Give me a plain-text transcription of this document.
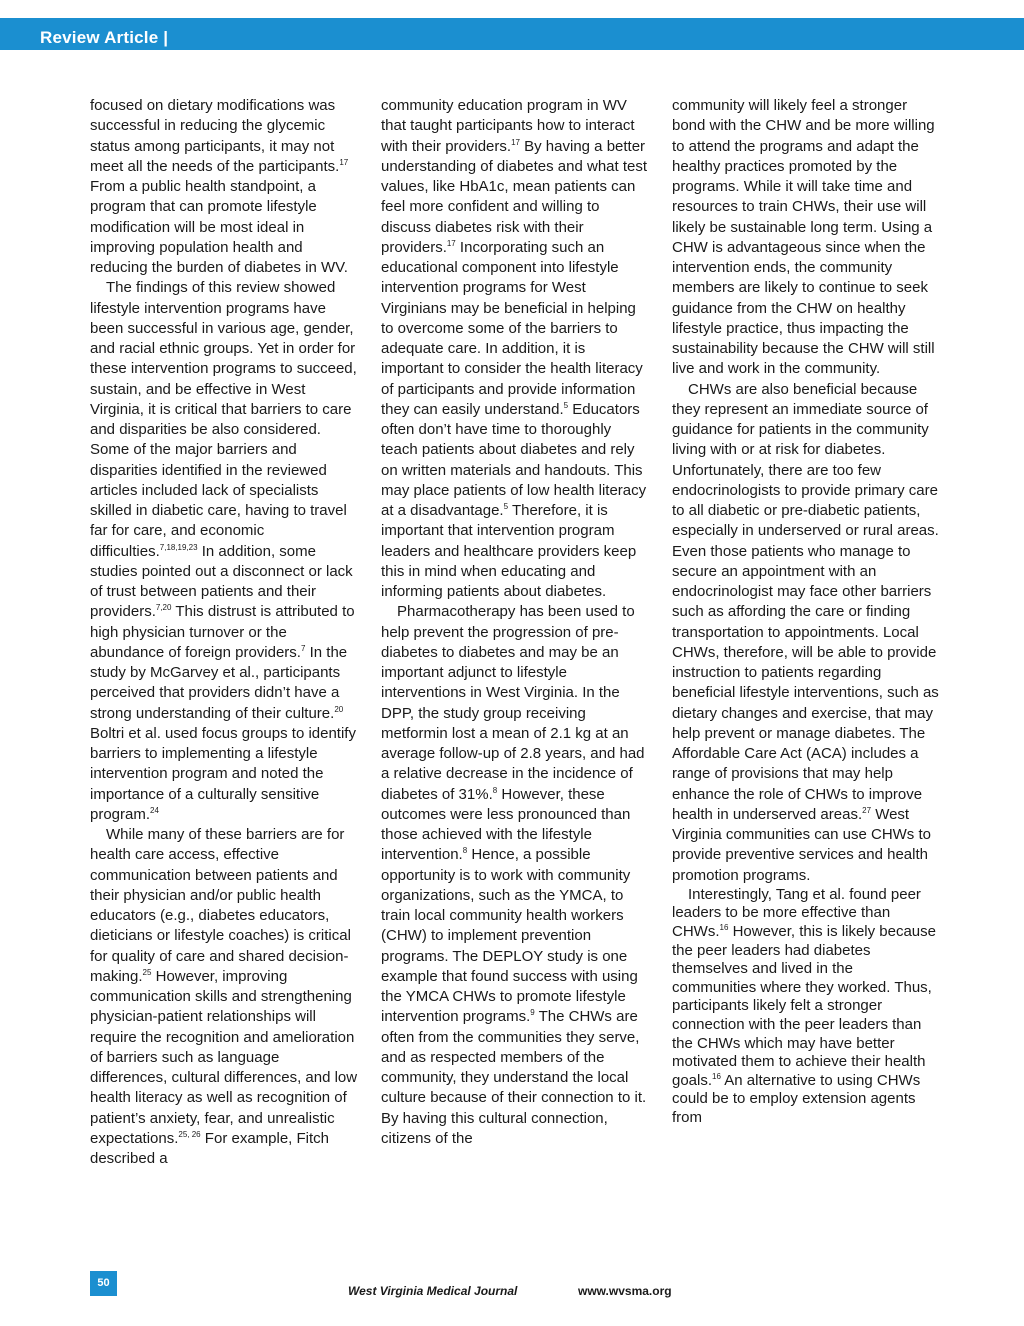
Review Article |

focused on dietary modifications was successful in reducing the glycemic status among participants, it may not meet all the needs of the participants.$^{17}$ From a public health standpoint, a program that can promote lifestyle modification will be most ideal in improving population health and reducing the burden of diabetes in WV.

The findings of this review showed lifestyle intervention programs have been successful in various age, gender, and racial ethnic groups. Yet in order for these intervention programs to succeed, sustain, and be effective in West Virginia, it is critical that barriers to care and disparities be also considered. Some of the major barriers and disparities identified in the reviewed articles included lack of specialists skilled in diabetic care, having to travel far for care, and economic difficulties.$^{7,18,19,23}$ In addition, some studies pointed out a disconnect or lack of trust between patients and their providers.$^{7,20}$ This distrust is attributed to high physician turnover or the abundance of foreign providers.$^7$ In the study by McGarvey et al., participants perceived that providers didn’t have a strong understanding of their culture.$^{20}$ Boltri et al. used focus groups to identify barriers to implementing a lifestyle intervention program and noted the importance of a culturally sensitive program.$^{24}$

While many of these barriers are for health care access, effective communication between patients and their physician and/or public health educators (e.g., diabetes educators, dieticians or lifestyle coaches) is critical for quality of care and shared decision-making.$^{25}$ However, improving communication skills and strengthening physician-patient relationships will require the recognition and amelioration of barriers such as language differences, cultural differences, and low health literacy as well as recognition of patient’s anxiety, fear, and unrealistic expectations.$^{25, 26}$ For example, Fitch described a

community education program in WV that taught participants how to interact with their providers.$^{17}$ By having a better understanding of diabetes and what test values, like HbA1c, mean patients can feel more confident and willing to discuss diabetes risk with their providers.$^{17}$ Incorporating such an educational component into lifestyle intervention programs for West Virginians may be beneficial in helping to overcome some of the barriers to adequate care. In addition, it is important to consider the health literacy of participants and provide information they can easily understand.$^5$ Educators often don’t have time to thoroughly teach patients about diabetes and rely on written materials and handouts. This may place patients of low health literacy at a disadvantage.$^5$ Therefore, it is important that intervention program leaders and healthcare providers keep this in mind when educating and informing patients about diabetes.

Pharmacotherapy has been used to help prevent the progression of pre-diabetes to diabetes and may be an important adjunct to lifestyle interventions in West Virginia. In the DPP, the study group receiving metformin lost a mean of 2.1 kg at an average follow-up of 2.8 years, and had a relative decrease in the incidence of diabetes of 31%.$^8$ However, these outcomes were less pronounced than those achieved with the lifestyle intervention.$^8$ Hence, a possible opportunity is to work with community organizations, such as the YMCA, to train local community health workers (CHW) to implement prevention programs. The DEPLOY study is one example that found success with using the YMCA CHWs to promote lifestyle intervention programs.$^9$ The CHWs are often from the communities they serve, and as respected members of the community, they understand the local culture because of their connection to it. By having this cultural connection, citizens of the

community will likely feel a stronger bond with the CHW and be more willing to attend the programs and adapt the healthy practices promoted by the programs. While it will take time and resources to train CHWs, their use will likely be sustainable long term. Using a CHW is advantageous since when the intervention ends, the community members are likely to continue to seek guidance from the CHW on healthy lifestyle practice, thus impacting the sustainability because the CHW will still live and work in the community.

CHWs are also beneficial because they represent an immediate source of guidance for patients in the community living with or at risk for diabetes. Unfortunately, there are too few endocrinologists to provide primary care to all diabetic or pre-diabetic patients, especially in underserved or rural areas. Even those patients who manage to secure an appointment with an endocrinologist may face other barriers such as affording the care or finding transportation to appointments. Local CHWs, therefore, will be able to provide instruction to patients regarding beneficial lifestyle interventions, such as dietary changes and exercise, that may help prevent or manage diabetes. The Affordable Care Act (ACA) includes a range of provisions that may help enhance the role of CHWs to improve health in underserved areas.$^{27}$ West Virginia communities can use CHWs to provide preventive services and health promotion programs.

Interestingly, Tang et al. found peer leaders to be more effective than CHWs.$^{16}$ However, this is likely because the peer leaders had diabetes themselves and lived in the communities where they worked. Thus, participants likely felt a stronger connection with the peer leaders than the CHWs which may have better motivated them to achieve their health goals.$^{16}$ An alternative to using CHWs could be to employ extension agents from

50
West Virginia Medical Journal	www.wvsma.org
